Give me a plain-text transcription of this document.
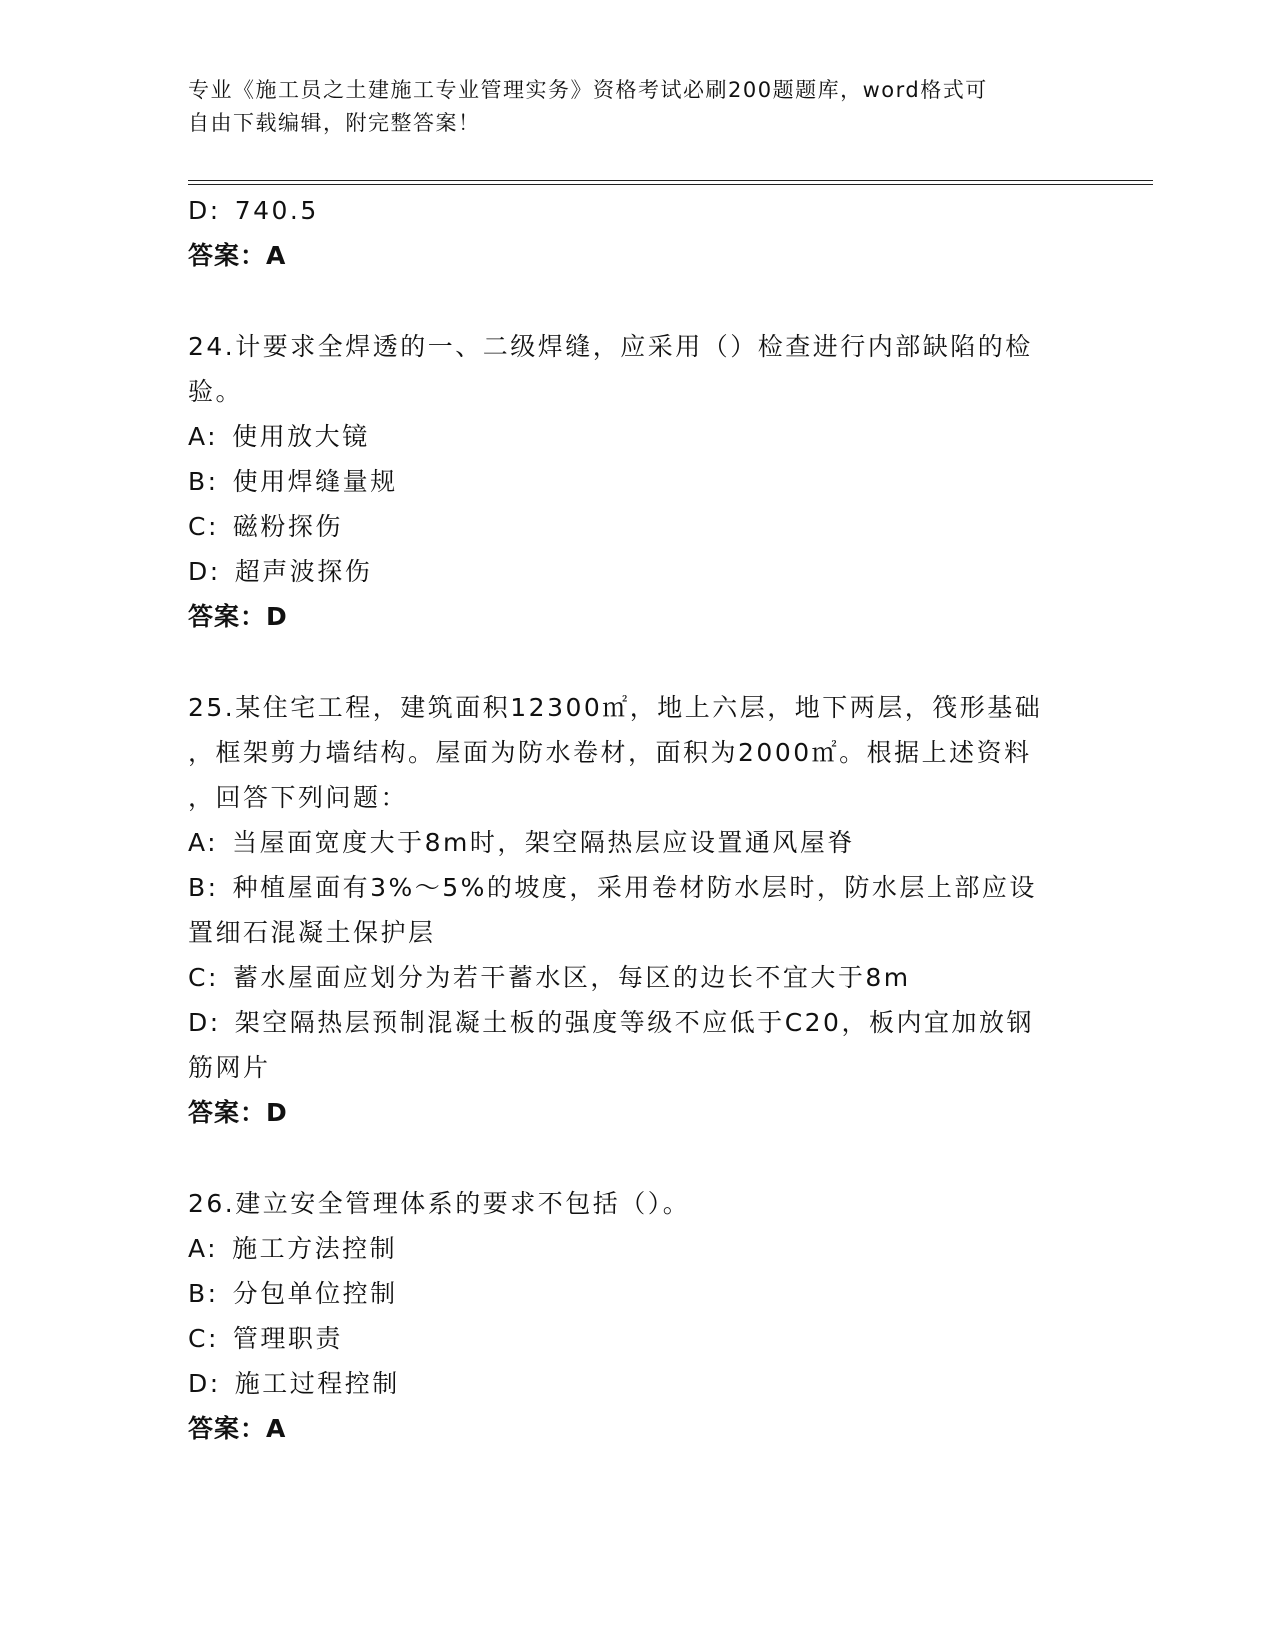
专业《施工员之土建施工专业管理实务》资格考试必刷200题题库，word格式可
自由下载编辑，附完整答案！
D: 740.5
答案：A
24.计要求全焊透的一、二级焊缝，应采用（）检查进行内部缺陷的检
验。
A: 使用放大镜
B: 使用焊缝量规
C: 磁粉探伤
D: 超声波探伤
答案：D
25.某住宅工程，建筑面积12300㎡，地上六层，地下两层，筏形基础
，框架剪力墙结构。屋面为防水卷材，面积为2000㎡。根据上述资料
，回答下列问题：
A: 当屋面宽度大于8m时，架空隔热层应设置通风屋脊
B: 种植屋面有3%～5%的坡度，采用卷材防水层时，防水层上部应设
置细石混凝土保护层
C: 蓄水屋面应划分为若干蓄水区，每区的边长不宜大于8m
D: 架空隔热层预制混凝土板的强度等级不应低于C20，板内宜加放钢
筋网片
答案：D
26.建立安全管理体系的要求不包括（）。
A: 施工方法控制
B: 分包单位控制
C: 管理职责
D: 施工过程控制
答案：A
